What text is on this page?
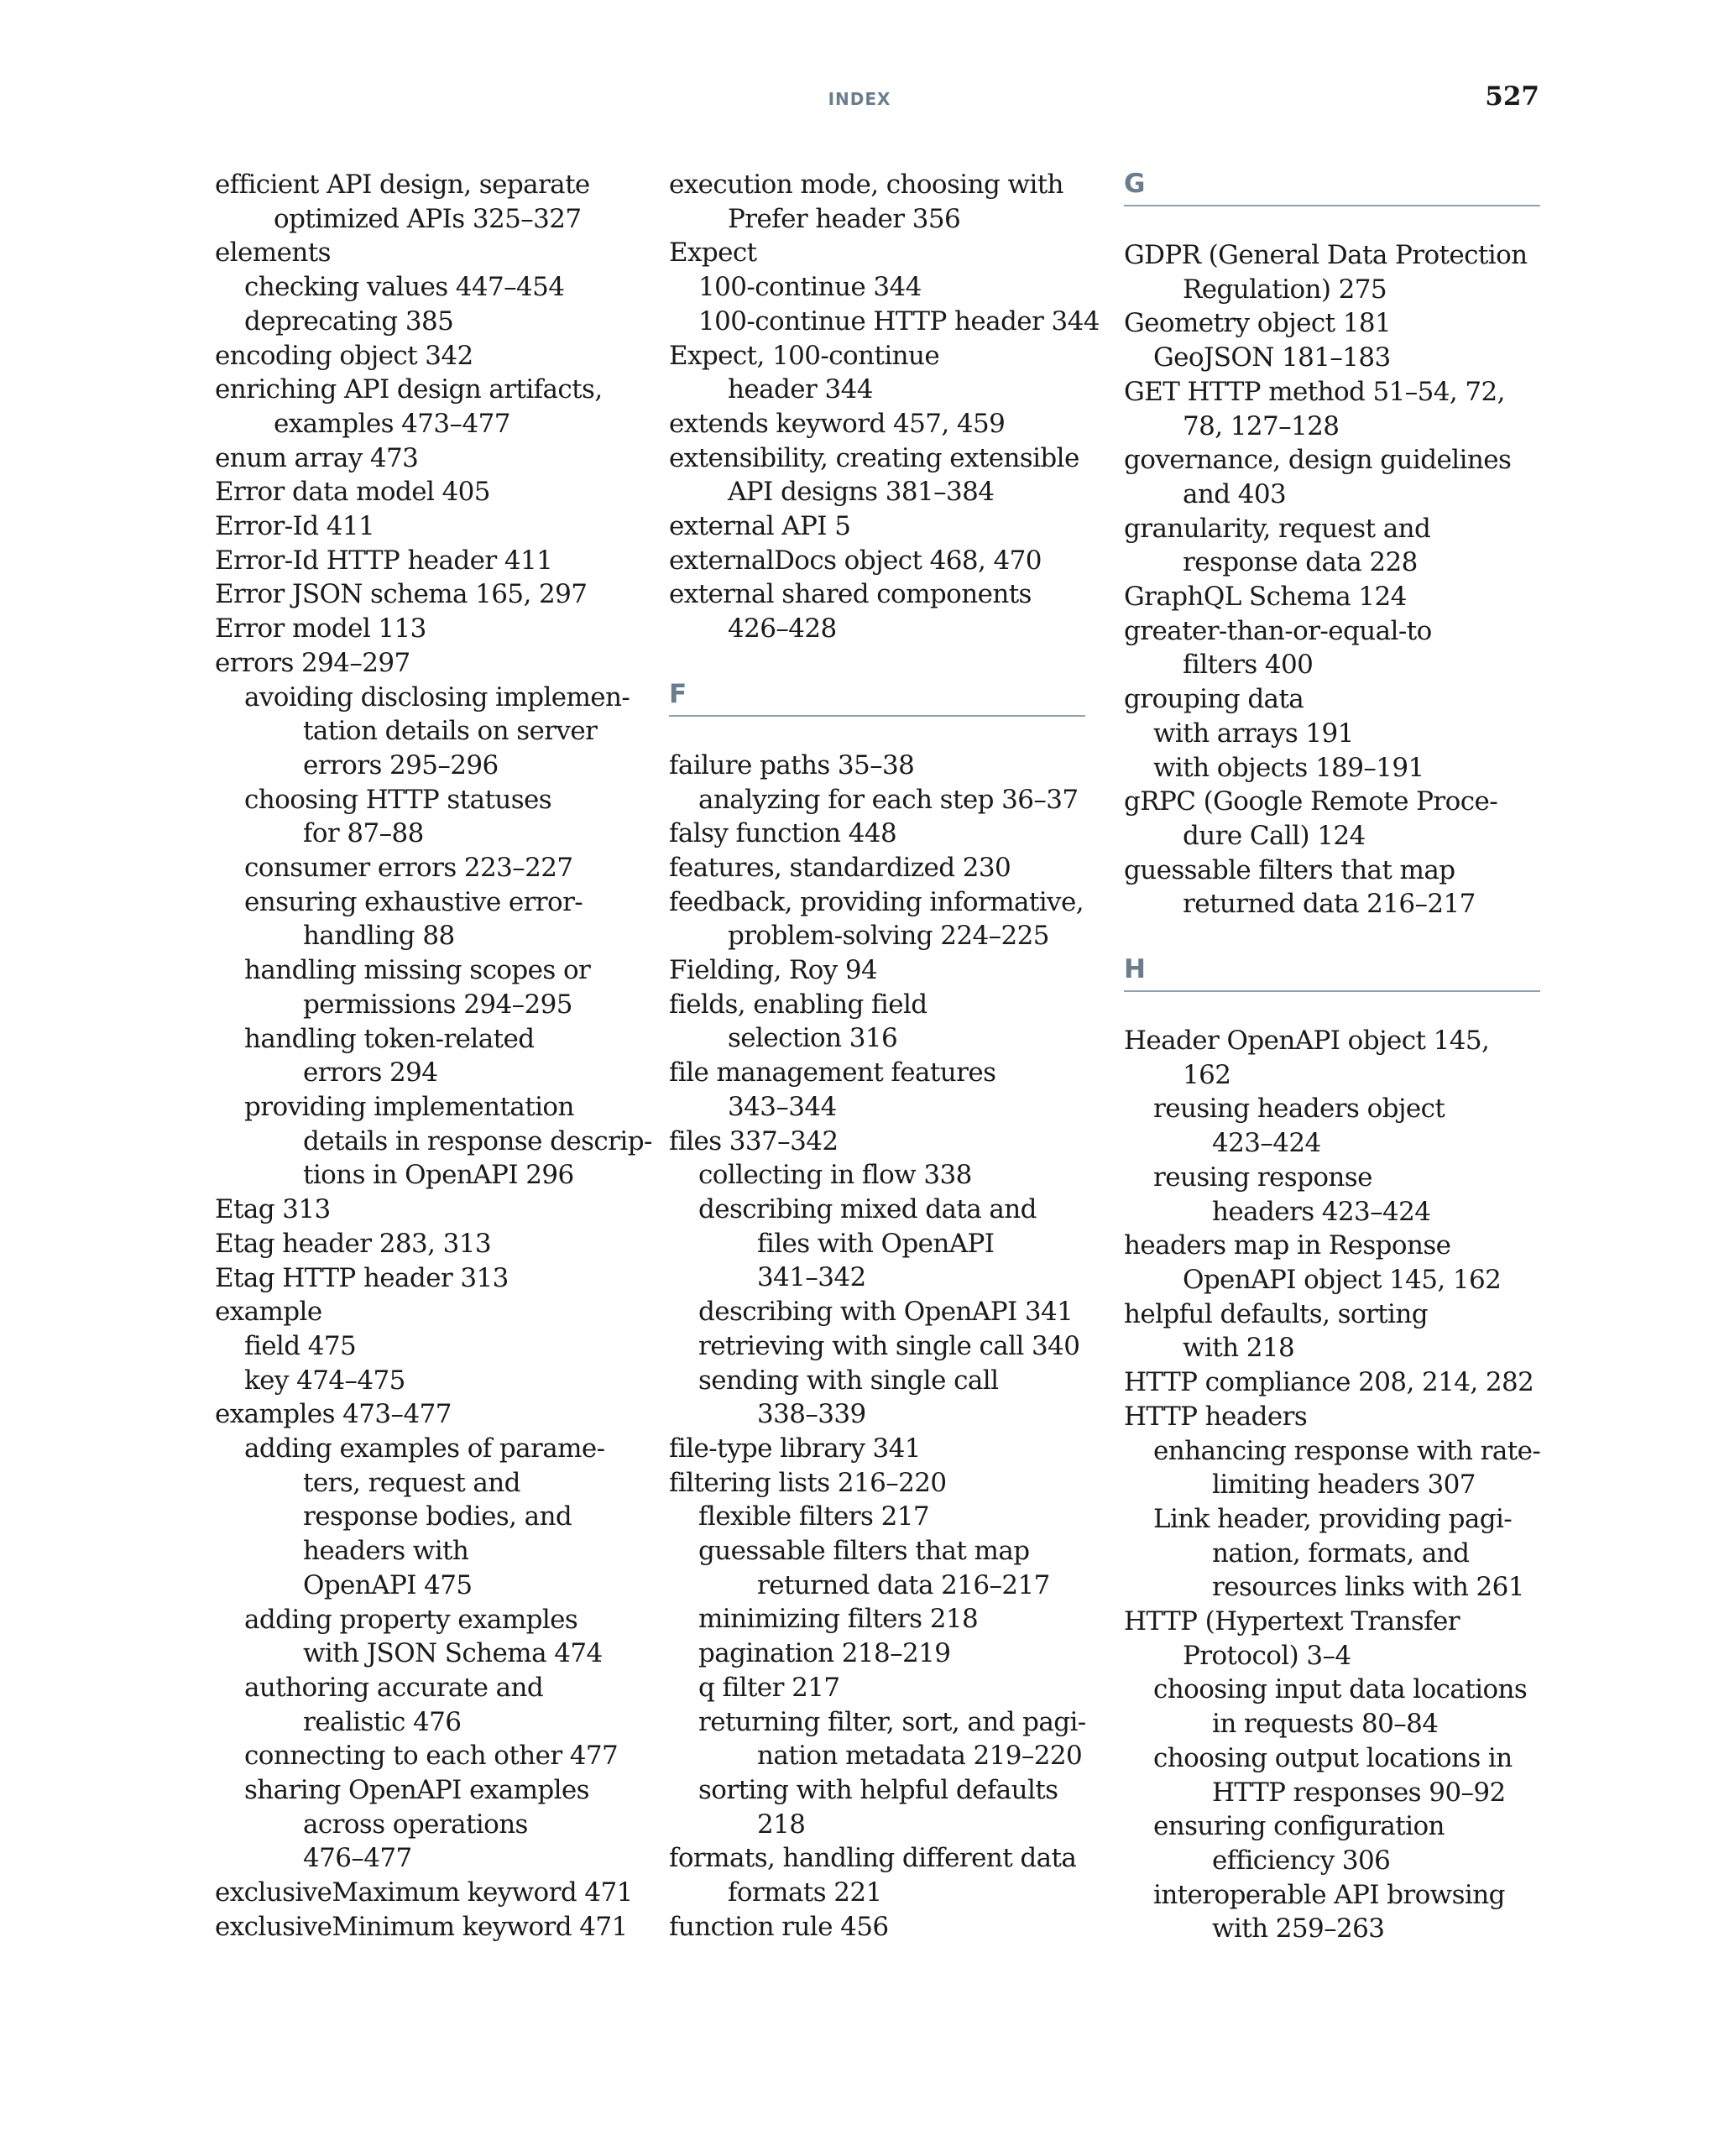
INDEX	527
efficient API design, separate
optimized APIs 325–327
elements
checking values 447–454
deprecating 385
encoding object 342
enriching API design artifacts,
examples 473–477
enum array 473
Error data model 405
Error-Id 411
Error-Id HTTP header 411
Error JSON schema 165, 297
Error model 113
errors 294–297
avoiding disclosing implemen-
tation details on server
errors 295–296
choosing HTTP statuses
for 87–88
consumer errors 223–227
ensuring exhaustive error-
handling 88
handling missing scopes or
permissions 294–295
handling token-related
errors 294
providing implementation
details in response descrip-
tions in OpenAPI 296
Etag 313
Etag header 283, 313
Etag HTTP header 313
example
field 475
key 474–475
examples 473–477
adding examples of parame-
ters, request and
response bodies, and
headers with
OpenAPI 475
adding property examples
with JSON Schema 474
authoring accurate and
realistic 476
connecting to each other 477
sharing OpenAPI examples
across operations
476–477
exclusiveMaximum keyword 471
exclusiveMinimum keyword 471
execution mode, choosing with
Prefer header 356
Expect
100-continue 344
100-continue HTTP header 344
Expect, 100-continue
header 344
extends keyword 457, 459
extensibility, creating extensible
API designs 381–384
external API 5
externalDocs object 468, 470
external shared components
426–428
F
failure paths 35–38
analyzing for each step 36–37
falsy function 448
features, standardized 230
feedback, providing informative,
problem-solving 224–225
Fielding, Roy 94
fields, enabling field
selection 316
file management features
343–344
files 337–342
collecting in flow 338
describing mixed data and
files with OpenAPI
341–342
describing with OpenAPI 341
retrieving with single call 340
sending with single call
338–339
file-type library 341
filtering lists 216–220
flexible filters 217
guessable filters that map
returned data 216–217
minimizing filters 218
pagination 218–219
q filter 217
returning filter, sort, and pagi-
nation metadata 219–220
sorting with helpful defaults
218
formats, handling different data
formats 221
function rule 456
G
GDPR (General Data Protection
Regulation) 275
Geometry object 181
GeoJSON 181–183
GET HTTP method 51–54, 72,
78, 127–128
governance, design guidelines
and 403
granularity, request and
response data 228
GraphQL Schema 124
greater-than-or-equal-to
filters 400
grouping data
with arrays 191
with objects 189–191
gRPC (Google Remote Proce-
dure Call) 124
guessable filters that map
returned data 216–217
H
Header OpenAPI object 145,
162
reusing headers object
423–424
reusing response
headers 423–424
headers map in Response
OpenAPI object 145, 162
helpful defaults, sorting
with 218
HTTP compliance 208, 214, 282
HTTP headers
enhancing response with rate-
limiting headers 307
Link header, providing pagi-
nation, formats, and
resources links with 261
HTTP (Hypertext Transfer
Protocol) 3–4
choosing input data locations
in requests 80–84
choosing output locations in
HTTP responses 90–92
ensuring configuration
efficiency 306
interoperable API browsing
with 259–263
